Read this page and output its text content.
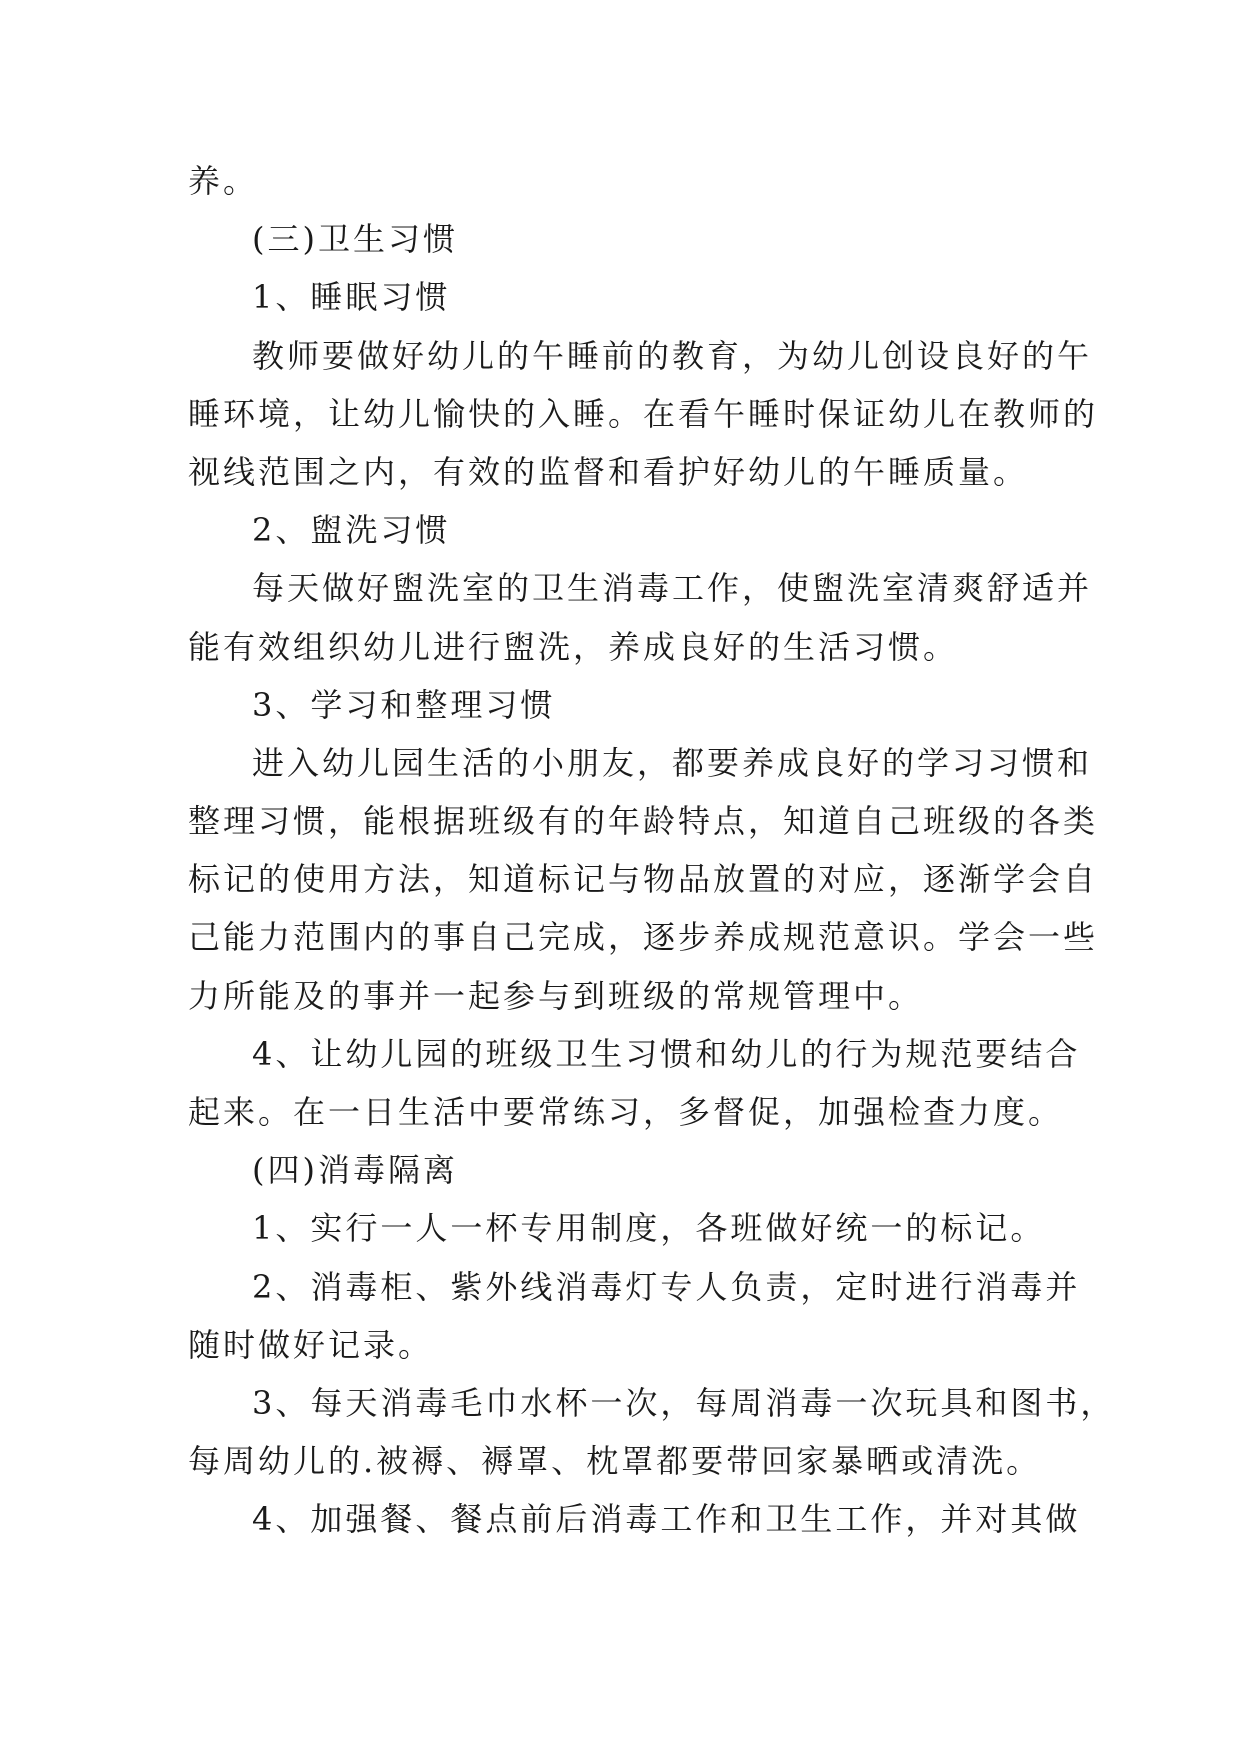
养。
(三)卫生习惯
1、睡眠习惯
教师要做好幼儿的午睡前的教育，为幼儿创设良好的午
睡环境，让幼儿愉快的入睡。在看午睡时保证幼儿在教师的
视线范围之内，有效的监督和看护好幼儿的午睡质量。
2、盥洗习惯
每天做好盥洗室的卫生消毒工作，使盥洗室清爽舒适并
能有效组织幼儿进行盥洗，养成良好的生活习惯。
3、学习和整理习惯
进入幼儿园生活的小朋友，都要养成良好的学习习惯和
整理习惯，能根据班级有的年龄特点，知道自己班级的各类
标记的使用方法，知道标记与物品放置的对应，逐渐学会自
己能力范围内的事自己完成，逐步养成规范意识。学会一些
力所能及的事并一起参与到班级的常规管理中。
4、让幼儿园的班级卫生习惯和幼儿的行为规范要结合
起来。在一日生活中要常练习，多督促，加强检查力度。
(四)消毒隔离
1、实行一人一杯专用制度，各班做好统一的标记。
2、消毒柜、紫外线消毒灯专人负责，定时进行消毒并
随时做好记录。
3、每天消毒毛巾水杯一次，每周消毒一次玩具和图书，
每周幼儿的.被褥、褥罩、枕罩都要带回家暴晒或清洗。
4、加强餐、餐点前后消毒工作和卫生工作，并对其做
